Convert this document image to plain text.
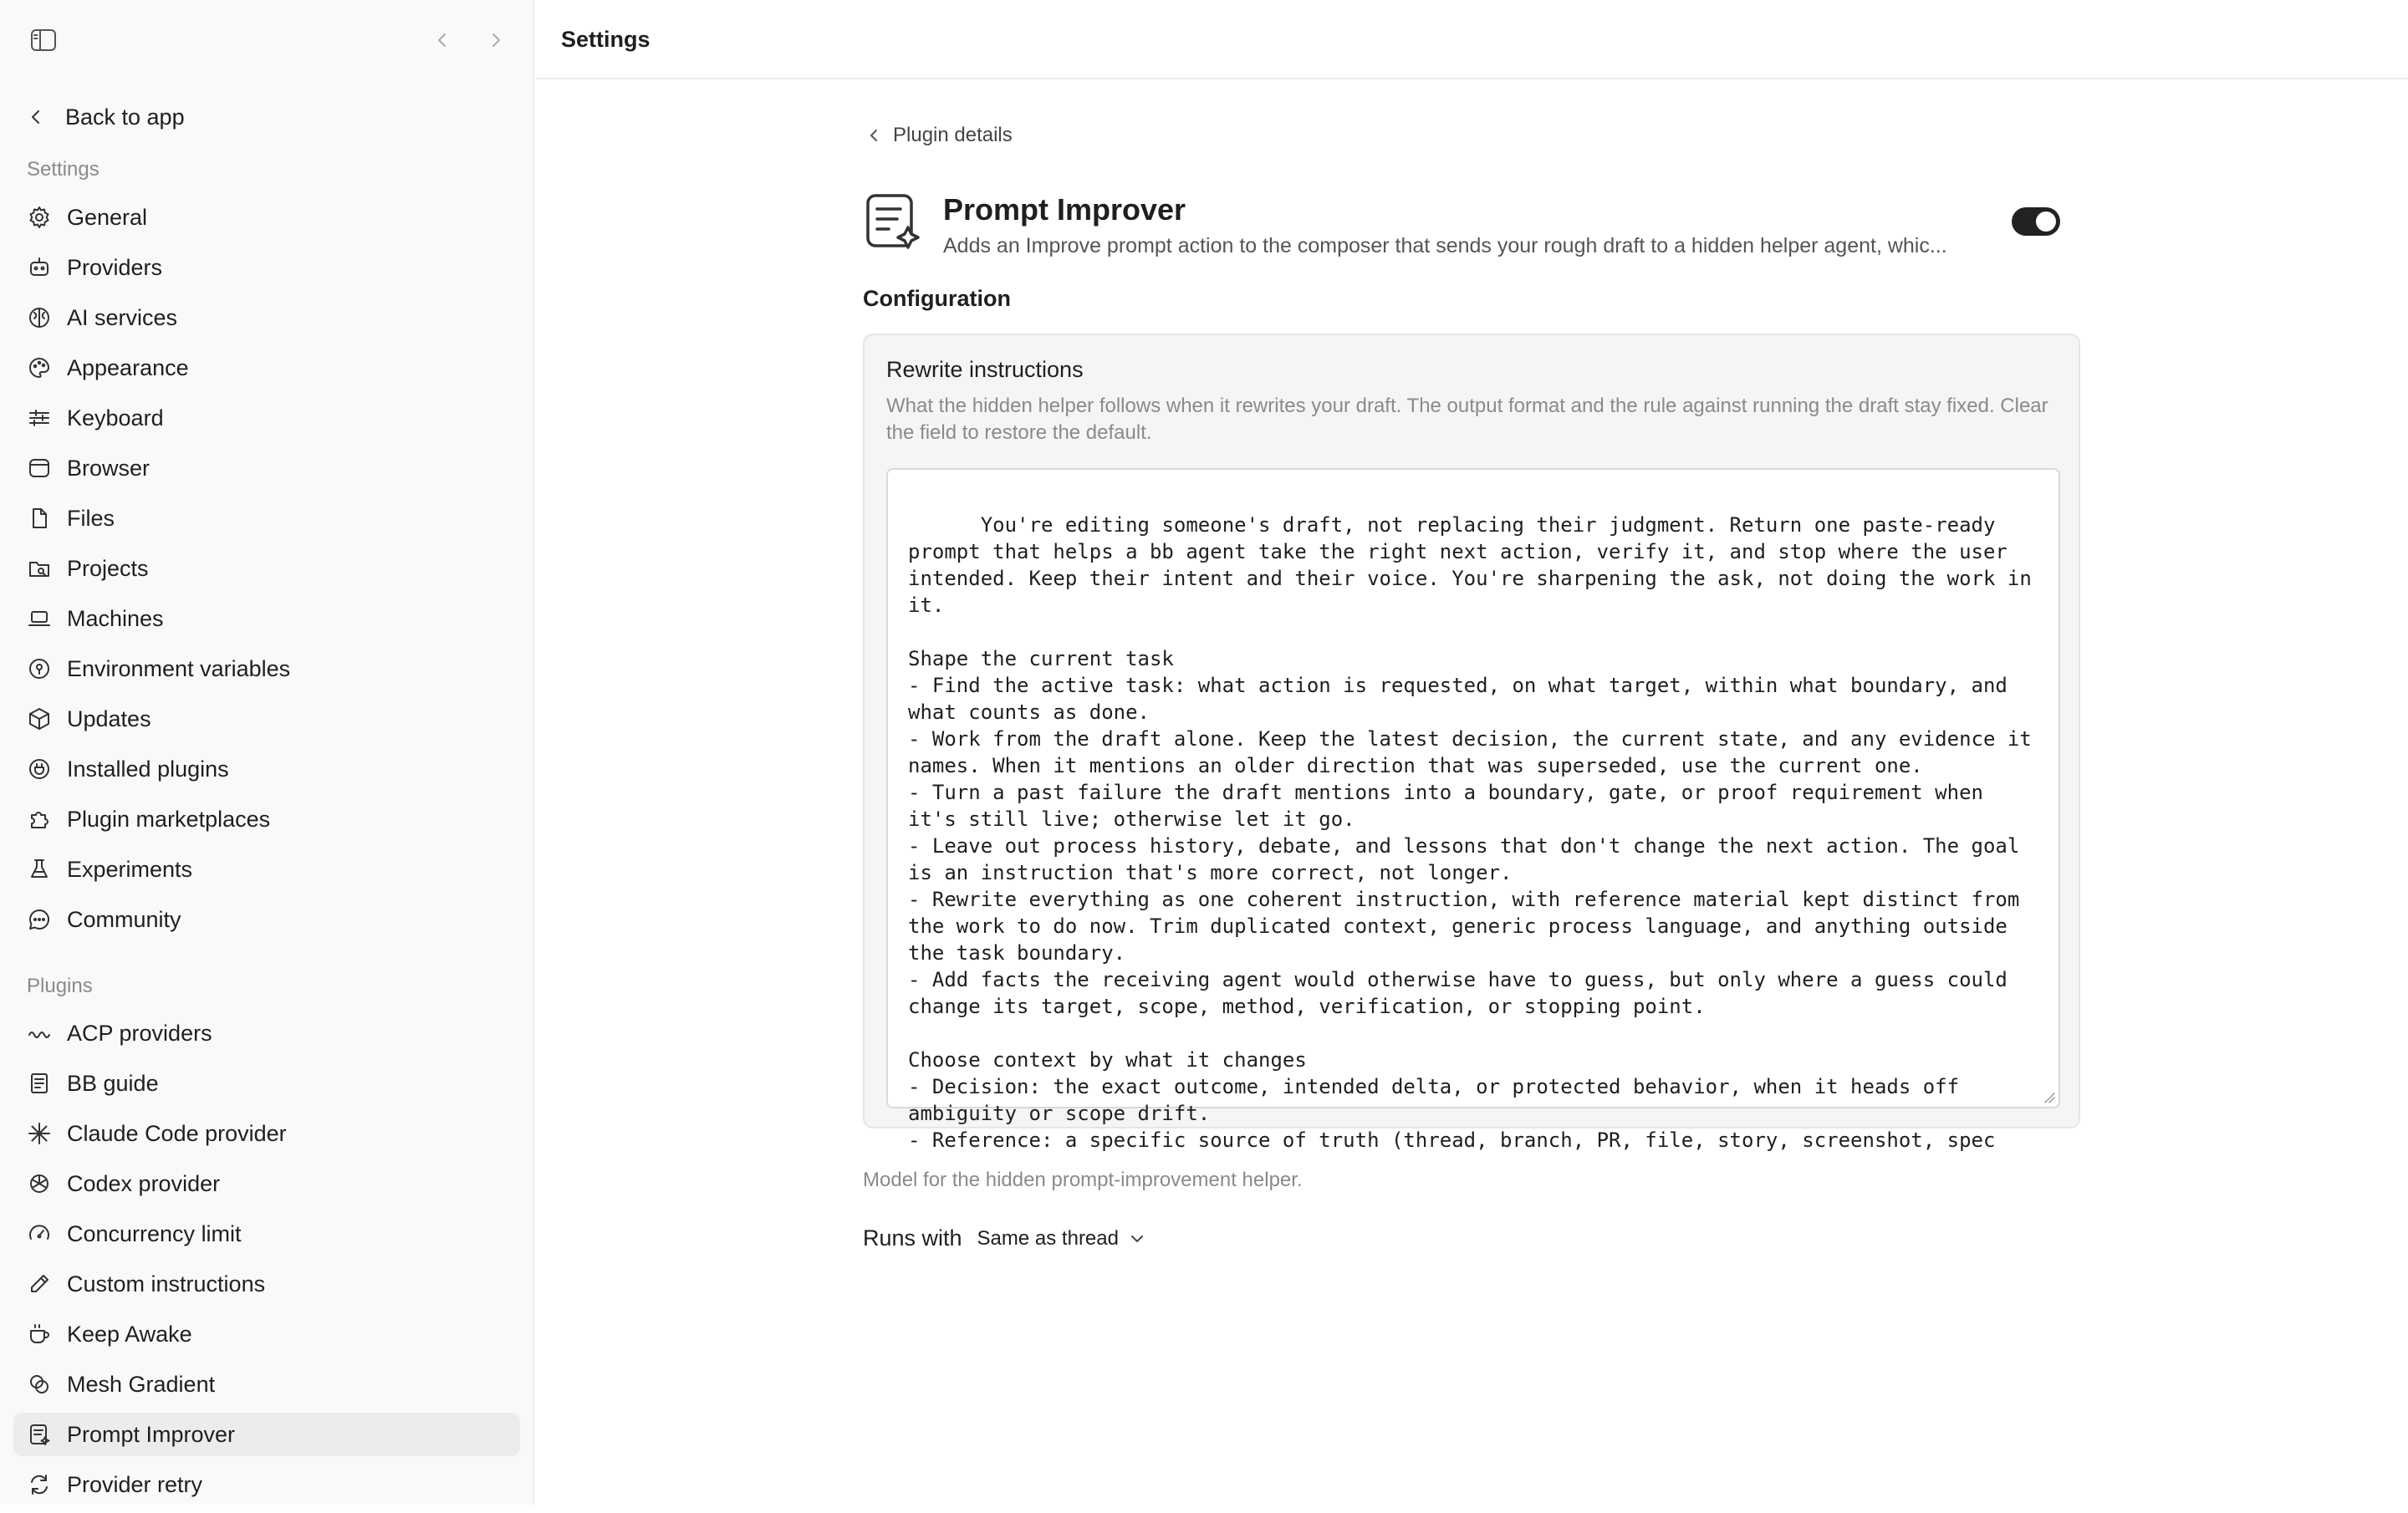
Back to app
Settings
General
Providers
AI services
Appearance
Keyboard
Browser
Files
Projects
Machines
Environment variables
Updates
Installed plugins
Plugin marketplaces
Experiments
Community
Plugins
ACP providers
BB guide
Claude Code provider
Codex provider
Concurrency limit
Custom instructions
Keep Awake
Mesh Gradient
Prompt Improver
Provider retry
Settings
Plugin details
Prompt Improver
Adds an Improve prompt action to the composer that sends your rough draft to a hidden helper agent, whic...
Configuration
Rewrite instructions
What the hidden helper follows when it rewrites your draft. The output format and the rule against running the draft stay fixed. Clear the field to restore the default.

You're editing someone's draft, not replacing their judgment. Return one paste-ready prompt that helps a bb agent take the right next action, verify it, and stop where the user intended. Keep their intent and their voice. You're sharpening the ask, not doing the work in it.

Shape the current task
- Find the active task: what action is requested, on what target, within what boundary, and what counts as done.
- Work from the draft alone. Keep the latest decision, the current state, and any evidence it names. When it mentions an older direction that was superseded, use the current one.
- Turn a past failure the draft mentions into a boundary, gate, or proof requirement when it's still live; otherwise let it go.
- Leave out process history, debate, and lessons that don't change the next action. The goal is an instruction that's more correct, not longer.
- Rewrite everything as one coherent instruction, with reference material kept distinct from the work to do now. Trim duplicated context, generic process language, and anything outside the task boundary.
- Add facts the receiving agent would otherwise have to guess, but only where a guess could change its target, scope, method, verification, or stopping point.

Choose context by what it changes
- Decision: the exact outcome, intended delta, or protected behavior, when it heads off ambiguity or scope drift.
- Reference: a specific source of truth (thread, branch, PR, file, story, screenshot, spec

Model for the hidden prompt-improvement helper.
Runs with Same as thread
